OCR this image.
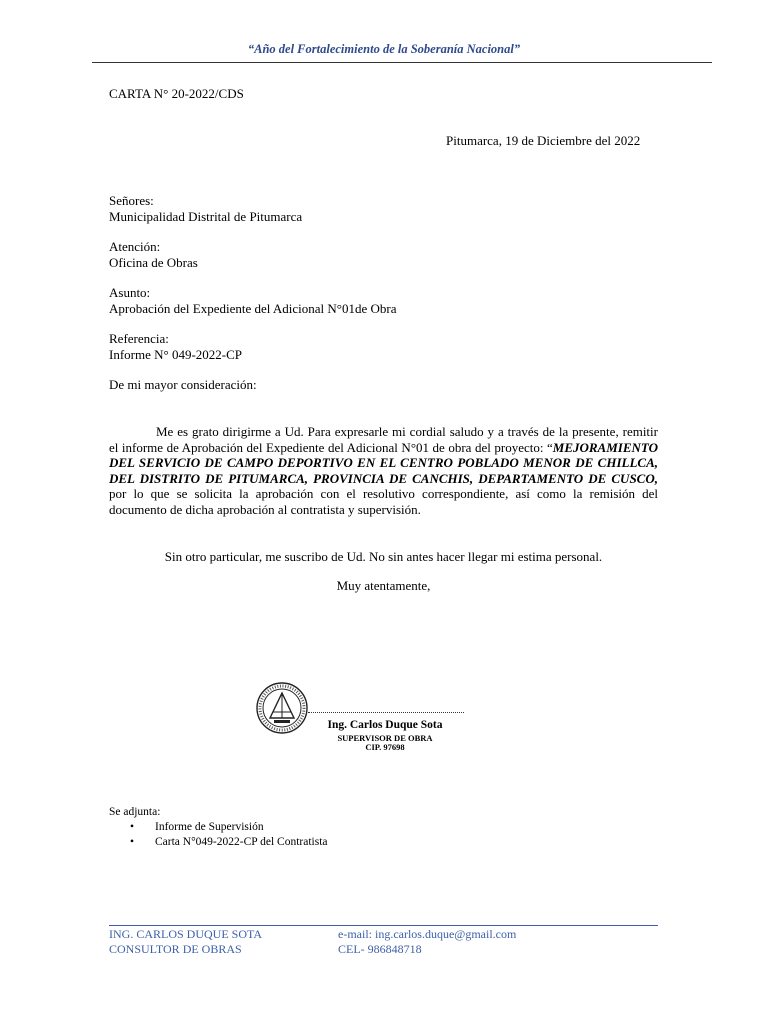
“Año del Fortalecimiento de la Soberanía Nacional”
CARTA N° 20-2022/CDS
Pitumarca, 19 de Diciembre del 2022
Señores:
Municipalidad Distrital de Pitumarca
Atención:
Oficina de Obras
Asunto:
Aprobación del Expediente del Adicional N°01de Obra
Referencia:
Informe N° 049-2022-CP
De mi mayor consideración:
Me es grato dirigirme a Ud. Para expresarle mi cordial saludo y a través de la presente, remitir el informe de Aprobación del Expediente del Adicional N°01 de obra del proyecto: “MEJORAMIENTO DEL SERVICIO DE CAMPO DEPORTIVO EN EL CENTRO POBLADO MENOR DE CHILLCA, DEL DISTRITO DE PITUMARCA, PROVINCIA DE CANCHIS, DEPARTAMENTO DE CUSCO, por lo que se solicita la aprobación con el resolutivo correspondiente, así como la remisión del documento de dicha aprobación al contratista y supervisión.
Sin otro particular, me suscribo de Ud. No sin antes hacer llegar mi estima personal.
Muy atentamente,
Ing. Carlos Duque Sota
SUPERVISOR DE OBRA
CIP. 97698
Se adjunta:
• Informe de Supervisión
• Carta N°049-2022-CP del Contratista
ING. CARLOS DUQUE SOTA
CONSULTOR DE OBRAS
e-mail: ing.carlos.duque@gmail.com
CEL- 986848718
